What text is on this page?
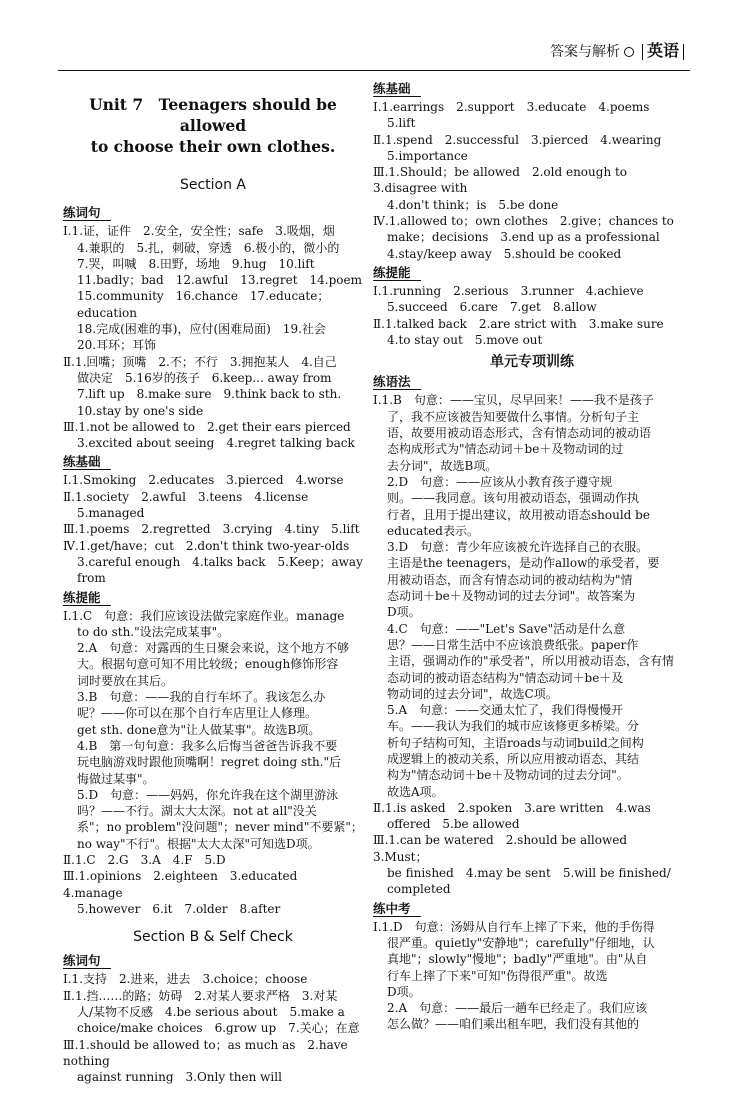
答案与解析 英语
Unit 7　Teenagers should be allowed
to choose their own clothes.
Section A
练词句
Ⅰ.1.证，证件　2.安全，安全性；safe　3.吸烟，烟
4.兼职的　5.扎，刺破，穿透　6.极小的，微小的
7.哭，叫喊　8.田野，场地　9.hug　10.lift
11.badly；bad　12.awful　13.regret　14.poem
15.community　16.chance　17.educate；education
18.完成(困难的事)，应付(困难局面)　19.社会
20.耳环；耳饰
Ⅱ.1.回嘴；顶嘴　2.不；不行　3.拥抱某人　4.自己
做决定　5.16岁的孩子　6.keep... away from
7.lift up　8.make sure　9.think back to sth.
10.stay by one's side
Ⅲ.1.not be allowed to　2.get their ears pierced
3.excited about seeing　4.regret talking back
练基础
Ⅰ.1.Smoking　2.educates　3.pierced　4.worse
Ⅱ.1.society　2.awful　3.teens　4.license
5.managed
Ⅲ.1.poems　2.regretted　3.crying　4.tiny　5.lift
Ⅳ.1.get/have；cut　2.don't think two-year-olds
3.careful enough　4.talks back　5.Keep；away
from
练提能
Ⅰ.1.C　句意：我们应该设法做完家庭作业。manage
to do sth."设法完成某事"。
2.A　句意：对露西的生日聚会来说，这个地方不够
大。根据句意可知不用比较级；enough修饰形容
词时要放在其后。
3.B　句意：——我的自行车坏了。我该怎么办
呢？——你可以在那个自行车店里让人修理。
get sth. done意为"让人做某事"。故选B项。
4.B　第一句句意：我多么后悔当爸爸告诉我不要
玩电脑游戏时跟他顶嘴啊！regret doing sth."后
悔做过某事"。
5.D　句意：——妈妈，你允许我在这个湖里游泳
吗？——不行。湖太大太深。not at all"没关
系"；no problem"没问题"；never mind"不要紧"；
no way"不行"。根据"太大太深"可知选D项。
Ⅱ.1.C　2.G　3.A　4.F　5.D
Ⅲ.1.opinions　2.eighteen　3.educated　4.manage
5.however　6.it　7.older　8.after
Section B & Self Check
练词句
Ⅰ.1.支持　2.进来，进去　3.choice；choose
Ⅱ.1.挡……的路；妨碍　2.对某人要求严格　3.对某
人/某物不反感　4.be serious about　5.make a
choice/make choices　6.grow up　7.关心；在意
Ⅲ.1.should be allowed to；as much as　2.have nothing
against running　3.Only then will
练基础
Ⅰ.1.earrings　2.support　3.educate　4.poems
5.lift
Ⅱ.1.spend　2.successful　3.pierced　4.wearing
5.importance
Ⅲ.1.Should；be allowed　2.old enough to　3.disagree with
4.don't think；is　5.be done
Ⅳ.1.allowed to；own clothes　2.give；chances to
make；decisions　3.end up as a professional
4.stay/keep away　5.should be cooked
练提能
Ⅰ.1.running　2.serious　3.runner　4.achieve
5.succeed　6.care　7.get　8.allow
Ⅱ.1.talked back　2.are strict with　3.make sure
4.to stay out　5.move out
单元专项训练
练语法
Ⅰ.1.B　句意：——宝贝，尽早回来！——我不是孩子
了，我不应该被告知要做什么事情。分析句子主
语，故要用被动语态形式，含有情态动词的被动语
态构成形式为"情态动词＋be＋及物动词的过
去分词"，故选B项。
2.D　句意：——应该从小教育孩子遵守规
则。——我同意。该句用被动语态，强调动作执
行者，且用于提出建议，故用被动语态should be
educated表示。
3.D　句意：青少年应该被允许选择自己的衣服。
主语是the teenagers，是动作allow的承受者，要
用被动语态，而含有情态动词的被动结构为"情
态动词＋be＋及物动词的过去分词"。故答案为
D项。
4.C　句意：——"Let's Save"活动是什么意
思？——日常生活中不应该浪费纸张。paper作
主语，强调动作的"承受者"，所以用被动语态，含有情
态动词的被动语态结构为"情态动词＋be＋及
物动词的过去分词"，故选C项。
5.A　句意：——交通太忙了，我们得慢慢开
车。——我认为我们的城市应该修更多桥梁。分
析句子结构可知，主语roads与动词build之间构
成逻辑上的被动关系，所以应用被动语态，其结
构为"情态动词＋be＋及物动词的过去分词"。
故选A项。
Ⅱ.1.is asked　2.spoken　3.are written　4.was
offered　5.be allowed
Ⅲ.1.can be watered　2.should be allowed　3.Must；
be finished　4.may be sent　5.will be finished/
completed
练中考
Ⅰ.1.D　句意：汤姆从自行车上摔了下来，他的手伤得
很严重。quietly"安静地"；carefully"仔细地，认
真地"；slowly"慢地"；badly"严重地"。由"从自
行车上摔了下来"可知"伤得很严重"。故选
D项。
2.A　句意：——最后一趟车已经走了。我们应该
怎么做？——咱们乘出租车吧，我们没有其他的
